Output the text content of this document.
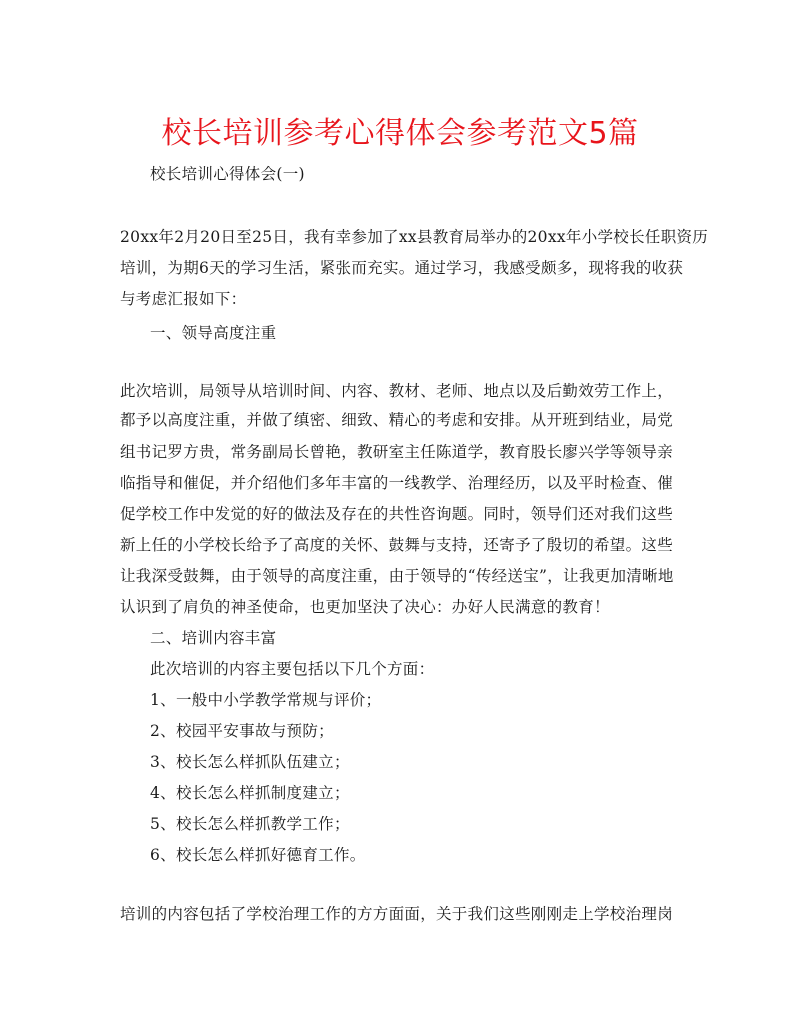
校长培训参考心得体会参考范文5篇
校长培训心得体会(一)
20xx年2月20日至25日，我有幸参加了xx县教育局举办的20xx年小学校长任职资历
培训，为期6天的学习生活，紧张而充实。通过学习，我感受颇多，现将我的收获
与考虑汇报如下：
一、领导高度注重
此次培训，局领导从培训时间、内容、教材、老师、地点以及后勤效劳工作上，
都予以高度注重，并做了缜密、细致、精心的考虑和安排。从开班到结业，局党
组书记罗方贵，常务副局长曾艳，教研室主任陈道学，教育股长廖兴学等领导亲
临指导和催促，并介绍他们多年丰富的一线教学、治理经历，以及平时检查、催
促学校工作中发觉的好的做法及存在的共性咨询题。同时，领导们还对我们这些
新上任的小学校长给予了高度的关怀、鼓舞与支持，还寄予了殷切的希望。这些
让我深受鼓舞，由于领导的高度注重，由于领导的“传经送宝”，让我更加清晰地
认识到了肩负的神圣使命，也更加坚決了决心：办好人民满意的教育！
二、培训内容丰富
此次培训的内容主要包括以下几个方面：
1、一般中小学教学常规与评价；
2、校园平安事故与预防；
3、校长怎么样抓队伍建立；
4、校长怎么样抓制度建立；
5、校长怎么样抓教学工作；
6、校长怎么样抓好德育工作。
培训的内容包括了学校治理工作的方方面面，关于我们这些刚刚走上学校治理岗
